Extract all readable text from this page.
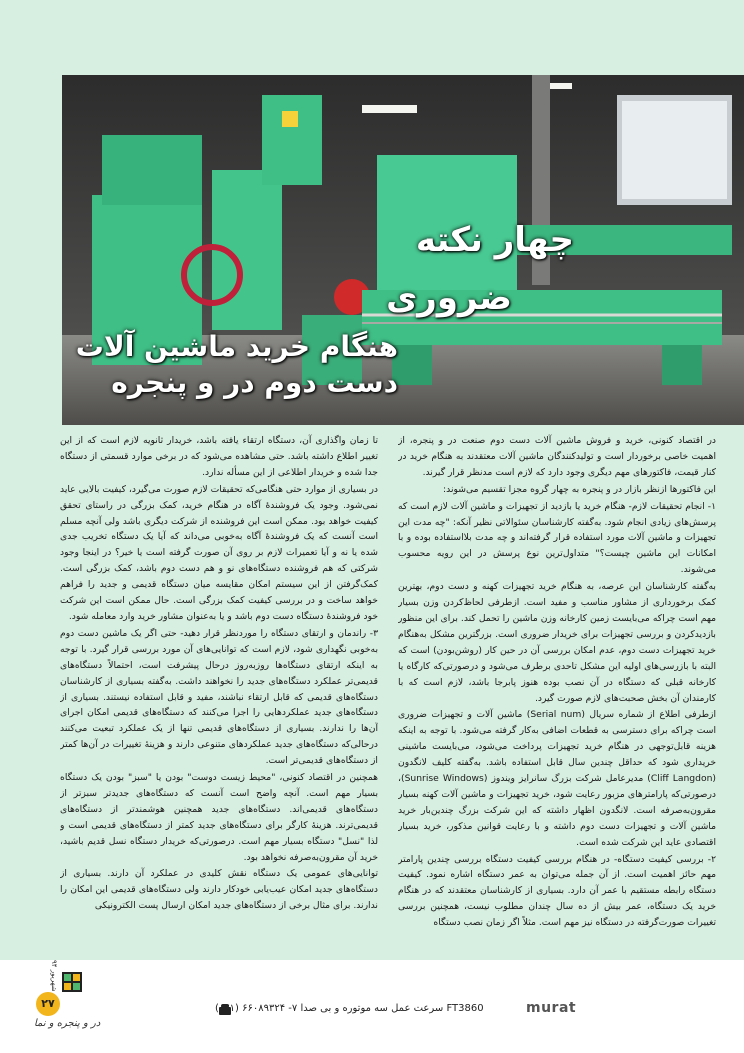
چهار نکته
ضروری
هنگام خرید ماشین آلات
دست دوم در و پنجره

در اقتصاد کنونی، خرید و فروش ماشین آلات دست دوم صنعت در و پنجره، از اهمیت خاصی برخوردار است و تولیدکنندگان ماشین آلات معتقدند به هنگام خرید در کنار قیمت، فاکتورهای مهم دیگری وجود دارد که لازم است مدنظر قرار گیرند.

این فاکتورها ازنظر بازار در و پنجره به چهار گروه مجزا تقسیم می‌شوند:

۱- انجام تحقیقات لازم- هنگام خرید یا بازدید از تجهیزات و ماشین آلات لازم است که پرسش‌های زیادی انجام شود. به‌گفته کارشناسان سئوالاتی نظیر آنکه: "چه مدت این تجهیزات و ماشین آلات مورد استفاده قرار گرفته‌اند و چه مدت بلااستفاده بوده و با امکانات این ماشین چیست؟" متداول‌ترین نوع پرسش در این رویه محسوب می‌شوند.

به‌گفته کارشناسان این عرصه، به هنگام خرید تجهیزات کهنه و دست دوم، بهترین کمک برخورداری از مشاور مناسب و مفید است. ازطرفی لحاظ‌کردن وزن بسیار مهم است چراکه می‌بایست زمین کارخانه وزن ماشین را تحمل کند. برای این منظور بازدیدکردن و بررسی تجهیزات برای خریدار ضروری است. بزرگترین مشکل به‌هنگام خرید تجهیزات دست دوم، عدم امکان بررسی آن در حین کار (روشن‌بودن) است که البته با بازرسی‌های اولیه این مشکل تاحدی برطرف می‌شود و درصورتی‌که کارگاه یا کارخانه قبلی که دستگاه در آن نصب بوده هنوز پابرجا باشد، لازم است که با کارمندان آن بخش صحبت‌های لازم صورت گیرد.

ازطرفی اطلاع از شماره سریال (Serial num) ماشین آلات و تجهیزات ضروری است چراکه برای دسترسی به قطعات اضافی به‌کار گرفته می‌شود. با توجه به اینکه هزینه قابل‌توجهی در هنگام خرید تجهیزات پرداخت می‌شود، می‌بایست ماشینی خریداری شود که حداقل چندین سال قابل استفاده باشد. به‌گفته کلیف لانگدون (Cliff Langdon) مدیرعامل شرکت بزرگ سانرایز ویندوز (Sunrise Windows)، درصورتی‌که پارامترهای مزبور رعایت شود، خرید تجهیزات و ماشین آلات کهنه بسیار مقرون‌به‌صرفه است. لانگدون اظهار داشته که این شرکت بزرگ چندین‌بار خرید ماشین آلات و تجهیزات دست دوم داشته و با رعایت قوانین مذکور، خرید بسیار اقتصادی عاید این شرکت شده است.

۲- بررسی کیفیت دستگاه- در هنگام بررسی کیفیت دستگاه بررسی چندین پارامتر مهم حائز اهمیت است. از آن جمله می‌توان به عمر دستگاه اشاره نمود. کیفیت دستگاه رابطه مستقیم با عمر آن دارد. بسیاری از کارشناسان معتقدند که در هنگام خرید یک دستگاه، عمر بیش از ده سال چندان مطلوب نیست، همچنین بررسی تغییرات صورت‌گرفته در دستگاه نیز مهم است. مثلاً اگر زمان نصب دستگاه

تا زمان واگذاری آن، دستگاه ارتقاء یافته باشد، خریدار ثانویه لازم است که از این تغییر اطلاع داشته باشد. حتی مشاهده می‌شود که در برخی موارد قسمتی از دستگاه جدا شده و خریدار اطلاعی از این مسأله ندارد.

در بسیاری از موارد حتی هنگامی‌که تحقیقات لازم صورت می‌گیرد، کیفیت بالایی عاید نمی‌شود. وجود یک فروشندهٔ آگاه در هنگام خرید، کمک بزرگی در راستای تحقق کیفیت خواهد بود. ممکن است این فروشنده از شرکت دیگری باشد ولی آنچه مسلم است آنست که یک فروشندهٔ آگاه به‌خوبی می‌داند که آیا یک دستگاه تخریب جدی شده یا نه و آیا تعمیرات لازم بر روی آن صورت گرفته است یا خیر؟ در اینجا وجود شرکتی که هم فروشنده دستگاه‌های نو و هم دست دوم باشد، کمک بزرگی است. کمک‌گرفتن از این سیستم امکان مقایسه میان دستگاه قدیمی و جدید را فراهم خواهد ساخت و در بررسی کیفیت کمک بزرگی است. حال ممکن است این شرکت خود فروشندهٔ دستگاه دست دوم باشد و یا به‌عنوان مشاور خرید وارد معامله شود.

۳- راندمان و ارتقای دستگاه را موردنظر قرار دهید- حتی اگر یک ماشین دست دوم به‌خوبی نگهداری شود، لازم است که توانایی‌های آن مورد بررسی قرار گیرد. با توجه به اینکه ارتقای دستگاه‌ها روزبه‌روز درحال پیشرفت است، احتمالاً دستگاه‌های قدیمی‌تر عملکرد دستگاه‌های جدید را نخواهند داشت. به‌گفته بسیاری از کارشناسان دستگاه‌های قدیمی که قابل ارتقاء نباشند، مفید و قابل استفاده نیستند. بسیاری از دستگاه‌های جدید عملکردهایی را اجرا می‌کنند که دستگاه‌های قدیمی امکان اجرای آن‌ها را ندارند. بسیاری از دستگاه‌های قدیمی تنها از یک عملکرد تبعیت می‌کنند درحالی‌که دستگاه‌های جدید عملکردهای متنوعی دارند و هزینهٔ تغییرات در آن‌ها کمتر از دستگاه‌های قدیمی‌تر است.

همچنین در اقتصاد کنونی، "محیط زیست دوست" بودن یا "سبز" بودن یک دستگاه بسیار مهم است. آنچه واضح است آنست که دستگاه‌های جدیدتر سبزتر از دستگاه‌های قدیمی‌اند. دستگاه‌های جدید همچنین هوشمندتر از دستگاه‌های قدیمی‌ترند. هزینهٔ کارگر برای دستگاه‌های جدید کمتر از دستگاه‌های قدیمی است و لذا "نسل" دستگاه بسیار مهم است. درصورتی‌که خریدار دستگاه نسل قدیم باشید، خرید آن مقرون‌به‌صرفه نخواهد بود.

توانایی‌های عمومی یک دستگاه نقش کلیدی در عملکرد آن دارند. بسیاری از دستگاه‌های جدید امکان عیب‌یابی خودکار دارند ولی دستگاه‌های قدیمی این امکان را ندارند. برای مثال برخی از دستگاه‌های جدید امکان ارسال پست الکترونیکی

شهریور ۹۴
۲۷
در و پنجره و نما
FT3860 سرعت عمل سه موتوره و بی صدا ۷- ۶۶۰۸۹۳۲۴ (۰۲۱)	murat
